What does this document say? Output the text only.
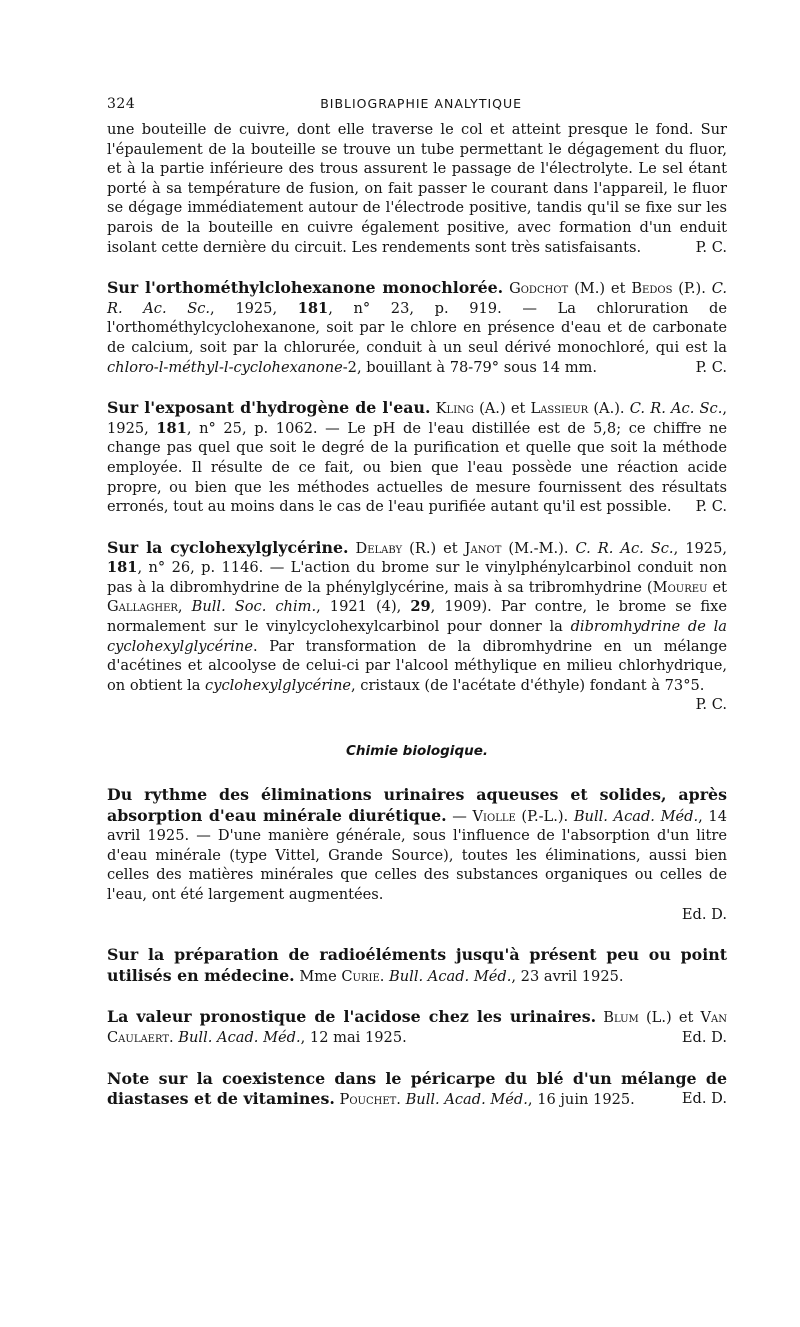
324	BIBLIOGRAPHIE ANALYTIQUE

une bouteille de cuivre, dont elle traverse le col et atteint presque le fond. Sur l'épaulement de la bouteille se trouve un tube permettant le dégagement du fluor, et à la partie inférieure des trous assurent le passage de l'électrolyte. Le sel étant porté à sa température de fusion, on fait passer le courant dans l'appareil, le fluor se dégage immédiatement autour de l'électrode positive, tandis qu'il se fixe sur les parois de la bouteille en cuivre également positive, avec formation d'un enduit isolant cette dernière du circuit. Les rendements sont très satisfaisants.	P. C.

Sur l'orthométhylclohexanone monochlorée. Godchot (M.) et Bedos (P.). C. R. Ac. Sc., 1925, 181, n° 23, p. 919. — La chloruration de l'orthométhylcyclohexanone, soit par le chlore en présence d'eau et de carbonate de calcium, soit par la chlorurée, conduit à un seul dérivé monochloré, qui est la chloro-l-méthyl-l-cyclohexanone-2, bouillant à 78-79° sous 14 mm.	P. C.

Sur l'exposant d'hydrogène de l'eau. Kling (A.) et Lassieur (A.). C. R. Ac. Sc., 1925, 181, n° 25, p. 1062. — Le pH de l'eau distillée est de 5,8; ce chiffre ne change pas quel que soit le degré de la purification et quelle que soit la méthode employée. Il résulte de ce fait, ou bien que l'eau possède une réaction acide propre, ou bien que les méthodes actuelles de mesure fournissent des résultats erronés, tout au moins dans le cas de l'eau purifiée autant qu'il est possible. P. C.

Sur la cyclohexylglycérine. Delaby (R.) et Janot (M.-M.). C. R. Ac. Sc., 1925, 181, n° 26, p. 1146. — L'action du brome sur le vinylphénylcarbinol conduit non pas à la dibromhydrine de la phénylglycérine, mais à sa tribromhydrine (Moureu et Gallagher, Bull. Soc. chim., 1921 (4), 29, 1909). Par contre, le brome se fixe normalement sur le vinylcyclohexylcarbinol pour donner la dibromhydrine de la cyclohexylglycérine. Par transformation de la dibromhydrine en un mélange d'acétines et alcoolyse de celui-ci par l'alcool méthylique en milieu chlorhydrique, on obtient la cyclohexylglycérine, cristaux (de l'acétate d'éthyle) fondant à 73°5.
P. C.

Chimie biologique.

Du rythme des éliminations urinaires aqueuses et solides, après absorption d'eau minérale diurétique. — Violle (P.-L.). Bull. Acad. Méd., 14 avril 1925. — D'une manière générale, sous l'influence de l'absorption d'un litre d'eau minérale (type Vittel, Grande Source), toutes les éliminations, aussi bien celles des matières minérales que celles des substances organiques ou celles de l'eau, ont été largement augmentées.
Ed. D.

Sur la préparation de radioéléments jusqu'à présent peu ou point utilisés en médecine. Mme Curie. Bull. Acad. Méd., 23 avril 1925.

La valeur pronostique de l'acidose chez les urinaires. Blum (L.) et Van Caulaert. Bull. Acad. Méd., 12 mai 1925.	Ed. D.

Note sur la coexistence dans le péricarpe du blé d'un mélange de diastases et de vitamines. Pouchet. Bull. Acad. Méd., 16 juin 1925.	Ed. D.
